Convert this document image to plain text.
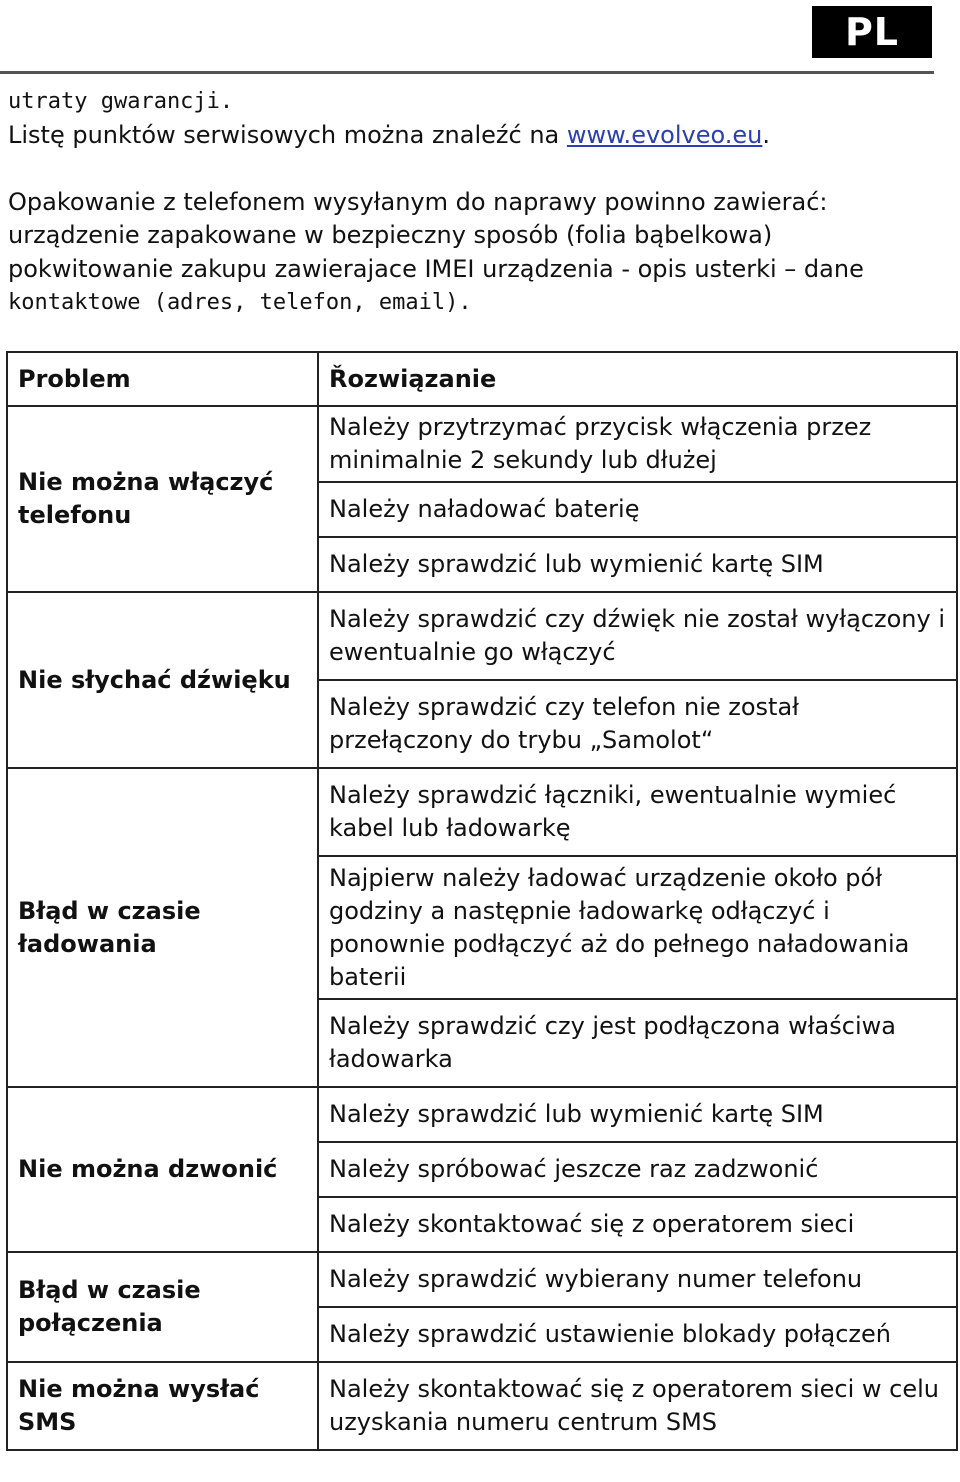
PL

utraty gwarancji.

Listę punktów serwisowych można znaleźć na www.evolveo.eu.

Opakowanie z telefonem wysyłanym do naprawy powinno zawierać:

urządzenie zapakowane w bezpieczny sposób (folia bąbelkowa)

pokwitowanie zakupu zawierajace IMEI urządzenia - opis usterki – dane

kontaktowe (adres, telefon, email).

Problem	Řozwiązanie

Nie można włączyć
telefonu	Należy przytrzymać przycisk włączenia przez minimalnie 2 sekundy lub dłużej
	Należy naładować baterię
	Należy sprawdzić lub wymienić kartę SIM

Nie słychać dźwięku	Należy sprawdzić czy dźwięk nie został wyłączony i ewentualnie go włączyć
	Należy sprawdzić czy telefon nie został przełączony do trybu „Samolot“

Błąd w czasie
ładowania	Należy sprawdzić łączniki, ewentualnie wymieć kabel lub ładowarkę
	Najpierw należy ładować urządzenie około pół godziny a następnie ładowarkę odłączyć i ponownie podłączyć aż do pełnego naładowania baterii
	Należy sprawdzić czy jest podłączona właściwa ładowarka

Nie można dzwonić	Należy sprawdzić lub wymienić kartę SIM
	Należy spróbować jeszcze raz zadzwonić
	Należy skontaktować się z operatorem sieci

Błąd w czasie
połączenia	Należy sprawdzić wybierany numer telefonu
	Należy sprawdzić ustawienie blokady połączeń

Nie można wysłać
SMS	Należy skontaktować się z operatorem sieci w celu uzyskania numeru centrum SMS
